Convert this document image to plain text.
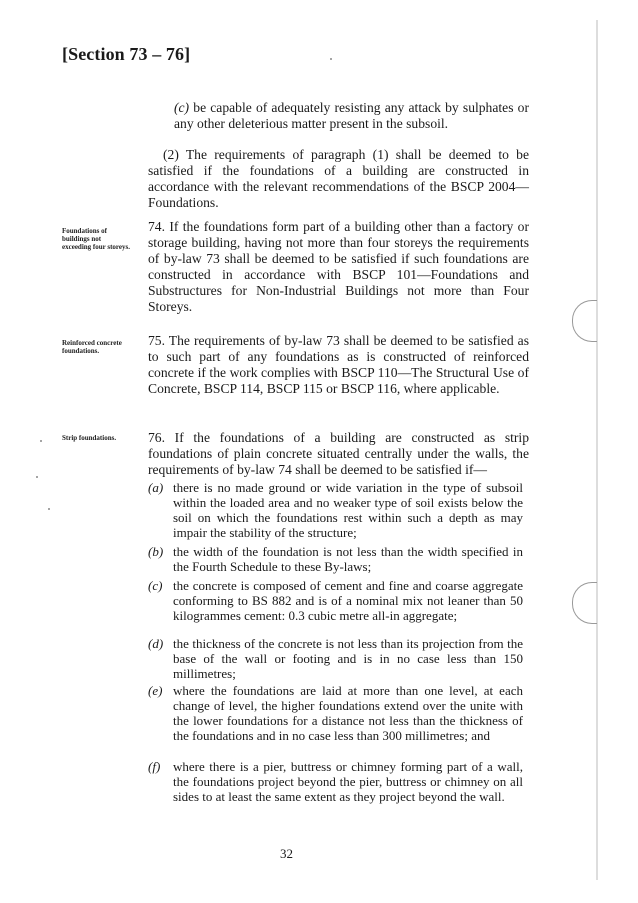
[Section 73 – 76]
(c) be capable of adequately resisting any attack by sulphates or any other deleterious matter present in the subsoil.
(2) The requirements of paragraph (1) shall be deemed to be satisfied if the foundations of a building are constructed in accordance with the relevant recommendations of the BSCP 2004—Foundations.
Foundations of buildings not exceeding four storeys.
74. If the foundations form part of a building other than a factory or storage building, having not more than four storeys the requirements of by-law 73 shall be deemed to be satisfied if such foundations are constructed in accordance with BSCP 101—Foundations and Substructures for Non-Industrial Buildings not more than Four Storeys.
Reinforced concrete foundations.
75. The requirements of by-law 73 shall be deemed to be satisfied as to such part of any foundations as is constructed of reinforced concrete if the work complies with BSCP 110—The Structural Use of Concrete, BSCP 114, BSCP 115 or BSCP 116, where applicable.
Strip foundations.	76. If the foundations of a building are constructed as strip foundations of plain concrete situated centrally under the walls, the requirements of by-law 74 shall be deemed to be satisfied if—
(a) there is no made ground or wide variation in the type of subsoil within the loaded area and no weaker type of soil exists below the soil on which the foundations rest within such a depth as may impair the stability of the structure;
(b) the width of the foundation is not less than the width specified in the Fourth Schedule to these By-laws;
(c) the concrete is composed of cement and fine and coarse aggregate conforming to BS 882 and is of a nominal mix not leaner than 50 kilogrammes cement: 0.3 cubic metre all-in aggregate;
(d) the thickness of the concrete is not less than its projection from the base of the wall or footing and is in no case less than 150 millimetres;
(e) where the foundations are laid at more than one level, at each change of level, the higher foundations extend over the unite with the lower foundations for a distance not less than the thickness of the foundations and in no case less than 300 millimetres; and
(f) where there is a pier, buttress or chimney forming part of a wall, the foundations project beyond the pier, buttress or chimney on all sides to at least the same extent as they project beyond the wall.
32
